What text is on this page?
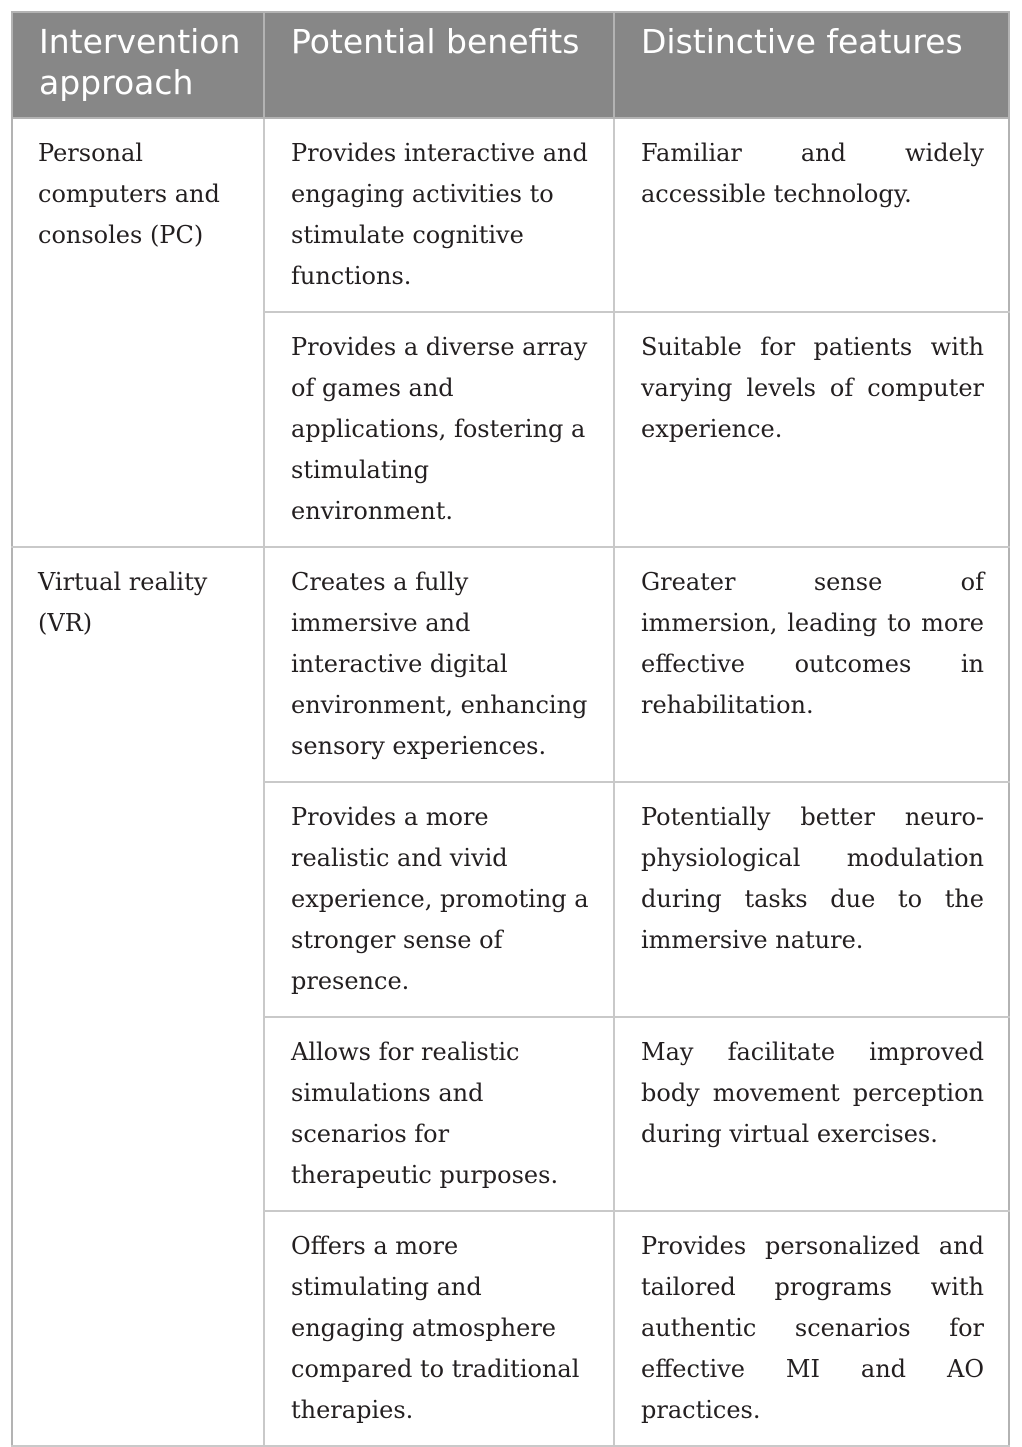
Intervention approach	Potential benefits	Distinctive features
Personal computers and consoles (PC)	Provides interactive and engaging activities to stimulate cognitive functions.	Familiar and widely accessible technology.
	Provides a diverse array of games and applications, fostering a stimulating environment.	Suitable for patients with varying levels of computer experience.
Virtual reality (VR)	Creates a fully immersive and interactive digital environment, enhancing sensory experiences.	Greater sense of immersion, leading to more effective outcomes in rehabilitation.
	Provides a more realistic and vivid experience, promoting a stronger sense of presence.	Potentially better neuro-physiological modulation during tasks due to the immersive nature.
	Allows for realistic simulations and scenarios for therapeutic purposes.	May facilitate improved body movement perception during virtual exercises.
	Offers a more stimulating and engaging atmosphere compared to traditional therapies.	Provides personalized and tailored programs with authentic scenarios for effective MI and AO practices.
